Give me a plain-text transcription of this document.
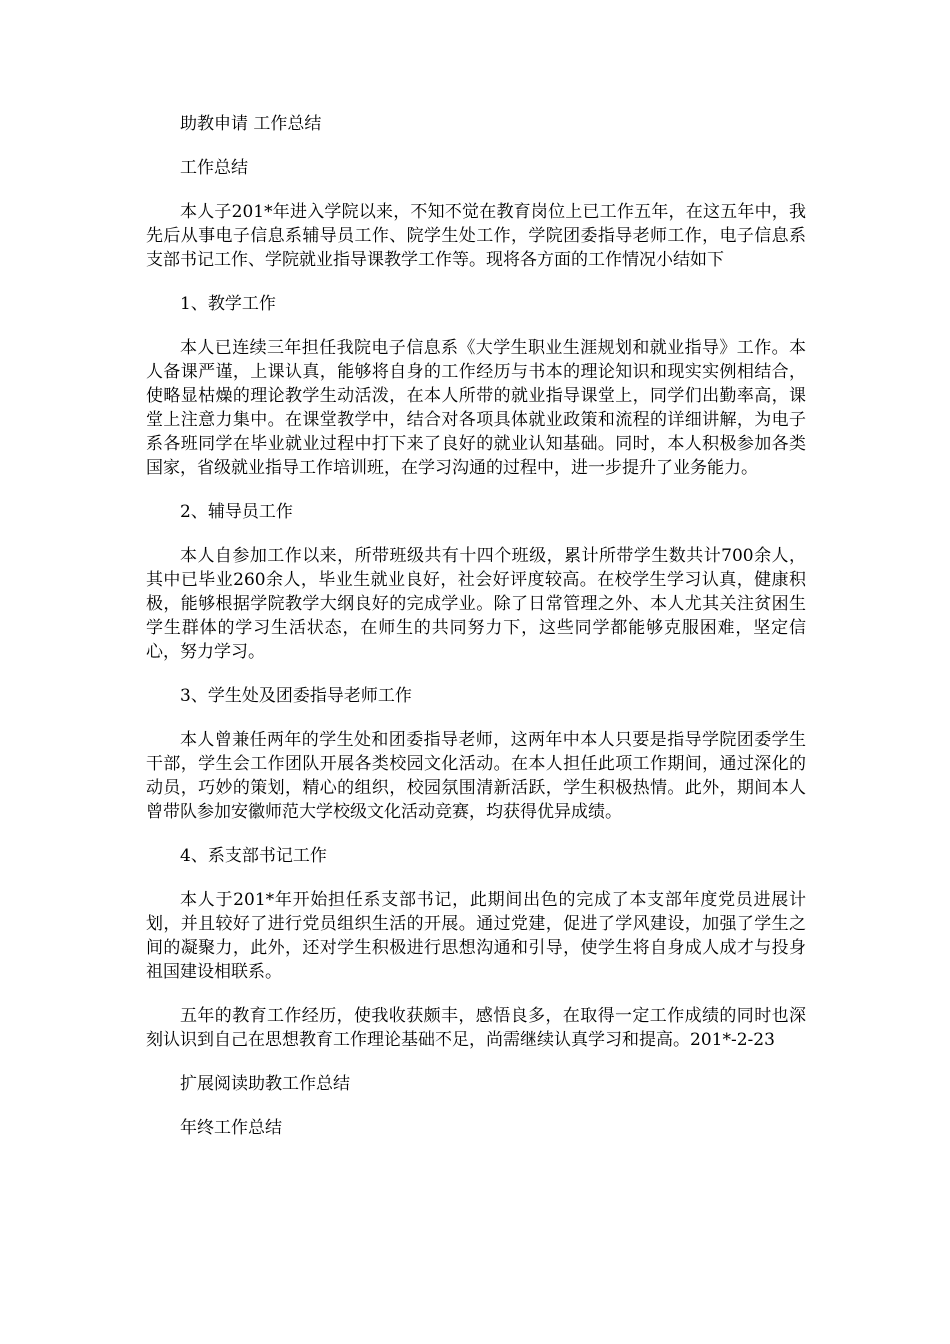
助教申请 工作总结

工作总结

本人子201*年进入学院以来，不知不觉在教育岗位上已工作五年，在这五年中，我先后从事电子信息系辅导员工作、院学生处工作，学院团委指导老师工作，电子信息系支部书记工作、学院就业指导课教学工作等。现将各方面的工作情况小结如下

1、教学工作

本人已连续三年担任我院电子信息系《大学生职业生涯规划和就业指导》工作。本人备课严谨，上课认真，能够将自身的工作经历与书本的理论知识和现实实例相结合，使略显枯燥的理论教学生动活泼，在本人所带的就业指导课堂上，同学们出勤率高，课堂上注意力集中。在课堂教学中，结合对各项具体就业政策和流程的详细讲解，为电子系各班同学在毕业就业过程中打下来了良好的就业认知基础。同时，本人积极参加各类国家，省级就业指导工作培训班，在学习沟通的过程中，进一步提升了业务能力。

2、辅导员工作

本人自参加工作以来，所带班级共有十四个班级，累计所带学生数共计700余人，其中已毕业260余人，毕业生就业良好，社会好评度较高。在校学生学习认真，健康积极，能够根据学院教学大纲良好的完成学业。除了日常管理之外、本人尤其关注贫困生学生群体的学习生活状态，在师生的共同努力下，这些同学都能够克服困难，坚定信心，努力学习。

3、学生处及团委指导老师工作

本人曾兼任两年的学生处和团委指导老师，这两年中本人只要是指导学院团委学生干部，学生会工作团队开展各类校园文化活动。在本人担任此项工作期间，通过深化的动员，巧妙的策划，精心的组织，校园氛围清新活跃，学生积极热情。此外，期间本人曾带队参加安徽师范大学校级文化活动竞赛，均获得优异成绩。

4、系支部书记工作

本人于201*年开始担任系支部书记，此期间出色的完成了本支部年度党员进展计划，并且较好了进行党员组织生活的开展。通过党建，促进了学风建设，加强了学生之间的凝聚力，此外，还对学生积极进行思想沟通和引导，使学生将自身成人成才与投身祖国建设相联系。

五年的教育工作经历，使我收获颇丰，感悟良多，在取得一定工作成绩的同时也深刻认识到自己在思想教育工作理论基础不足，尚需继续认真学习和提高。201*-2-23

扩展阅读助教工作总结

年终工作总结
